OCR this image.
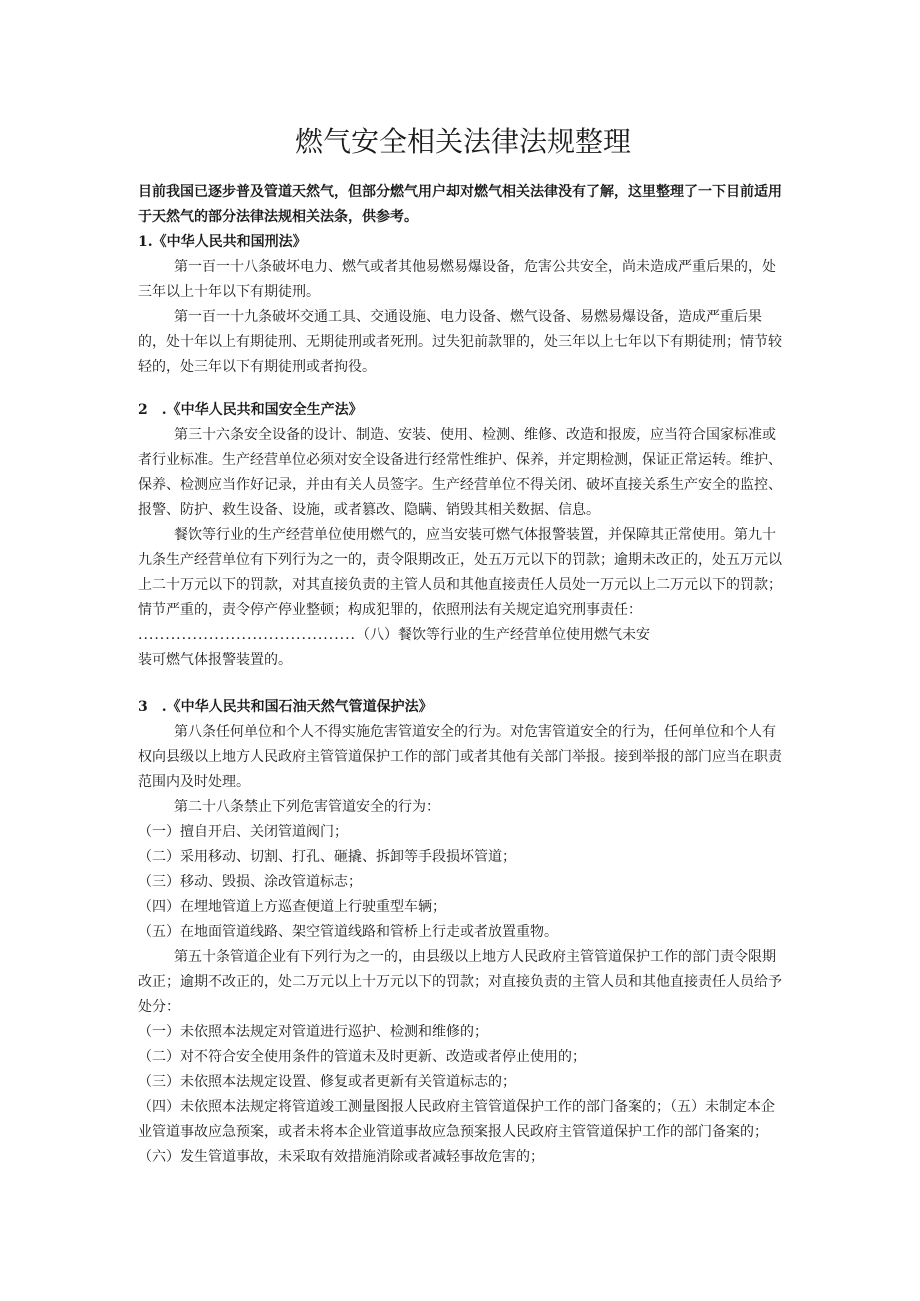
燃气安全相关法律法规整理

目前我国已逐步普及管道天然气，但部分燃气用户却对燃气相关法律没有了解，这里整理了一下目前适用于天然气的部分法律法规相关法条，供参考。

1.《中华人民共和国刑法》

第一百一十八条破坏电力、燃气或者其他易燃易爆设备，危害公共安全，尚未造成严重后果的，处三年以上十年以下有期徒刑。

第一百一十九条破坏交通工具、交通设施、电力设备、燃气设备、易燃易爆设备，造成严重后果的，处十年以上有期徒刑、无期徒刑或者死刑。过失犯前款罪的，处三年以上七年以下有期徒刑；情节较轻的，处三年以下有期徒刑或者拘役。

2　.《中华人民共和国安全生产法》

第三十六条安全设备的设计、制造、安装、使用、检测、维修、改造和报废，应当符合国家标准或者行业标准。生产经营单位必须对安全设备进行经常性维护、保养，并定期检测，保证正常运转。维护、保养、检测应当作好记录，并由有关人员签字。生产经营单位不得关闭、破坏直接关系生产安全的监控、报警、防护、救生设备、设施，或者篡改、隐瞒、销毁其相关数据、信息。

餐饮等行业的生产经营单位使用燃气的，应当安装可燃气体报警装置，并保障其正常使用。第九十九条生产经营单位有下列行为之一的，责令限期改正，处五万元以下的罚款；逾期未改正的，处五万元以上二十万元以下的罚款，对其直接负责的主管人员和其他直接责任人员处一万元以上二万元以下的罚款；情节严重的，责令停产停业整顿；构成犯罪的，依照刑法有关规定追究刑事责任：

........................................（八）餐饮等行业的生产经营单位使用燃气未安

装可燃气体报警装置的。

3　.《中华人民共和国石油天然气管道保护法》

第八条任何单位和个人不得实施危害管道安全的行为。对危害管道安全的行为，任何单位和个人有权向县级以上地方人民政府主管管道保护工作的部门或者其他有关部门举报。接到举报的部门应当在职责范围内及时处理。

第二十八条禁止下列危害管道安全的行为：

（一）擅自开启、关闭管道阀门；

（二）采用移动、切割、打孔、砸撬、拆卸等手段损坏管道；

（三）移动、毁损、涂改管道标志；

（四）在埋地管道上方巡查便道上行驶重型车辆；

（五）在地面管道线路、架空管道线路和管桥上行走或者放置重物。

第五十条管道企业有下列行为之一的，由县级以上地方人民政府主管管道保护工作的部门责令限期改正；逾期不改正的，处二万元以上十万元以下的罚款；对直接负责的主管人员和其他直接责任人员给予处分：

（一）未依照本法规定对管道进行巡护、检测和维修的；

（二）对不符合安全使用条件的管道未及时更新、改造或者停止使用的；

（三）未依照本法规定设置、修复或者更新有关管道标志的；

（四）未依照本法规定将管道竣工测量图报人民政府主管管道保护工作的部门备案的；（五）未制定本企业管道事故应急预案，或者未将本企业管道事故应急预案报人民政府主管管道保护工作的部门备案的；

（六）发生管道事故，未采取有效措施消除或者减轻事故危害的；
